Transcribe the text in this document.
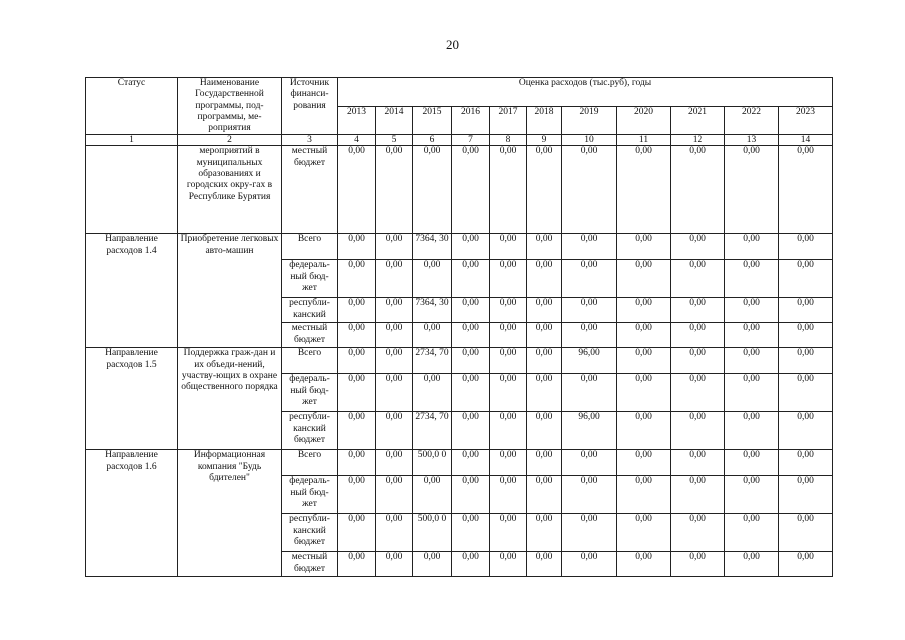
20
Статус	Наименование Государственной программы, под-программы, ме-роприятия	Источник финанси-рования	Оценка расходов (тыс.руб), годы										
			2013	2014	2015	2016	2017	2018	2019	2020	2021	2022	2023
1	2	3	4	5	6	7	8	9	10	11	12	13	14
	мероприятий в муниципальных образованиях и городских окру-гах в Республике Бурятия	местный бюджет	0,00	0,00	0,00	0,00	0,00	0,00	0,00	0,00	0,00	0,00	0,00
Направление расходов 1.4	Приобретение легковых авто-машин	Всего	0,00	0,00	7364, 30	0,00	0,00	0,00	0,00	0,00	0,00	0,00	0,00
		федераль-ный бюд-жет	0,00	0,00	0,00	0,00	0,00	0,00	0,00	0,00	0,00	0,00	0,00
		республи-канский	0,00	0,00	7364, 30	0,00	0,00	0,00	0,00	0,00	0,00	0,00	0,00
		местный бюджет	0,00	0,00	0,00	0,00	0,00	0,00	0,00	0,00	0,00	0,00	0,00
Направление расходов 1.5	Поддержка граж-дан и их объеди-нений, участву-ющих в охране общественного порядка	Всего	0,00	0,00	2734, 70	0,00	0,00	0,00	96,00	0,00	0,00	0,00	0,00
		федераль-ный бюд-жет	0,00	0,00	0,00	0,00	0,00	0,00	0,00	0,00	0,00	0,00	0,00
		республи-канский бюджет	0,00	0,00	2734, 70	0,00	0,00	0,00	96,00	0,00	0,00	0,00	0,00
Направление расходов 1.6	Информационная компания "Будь бдителен"	Всего	0,00	0,00	500,0 0	0,00	0,00	0,00	0,00	0,00	0,00	0,00	0,00
		федераль-ный бюд-жет	0,00	0,00	0,00	0,00	0,00	0,00	0,00	0,00	0,00	0,00	0,00
		республи-канский бюджет	0,00	0,00	500,0 0	0,00	0,00	0,00	0,00	0,00	0,00	0,00	0,00
		местный бюджет	0,00	0,00	0,00	0,00	0,00	0,00	0,00	0,00	0,00	0,00	0,00
